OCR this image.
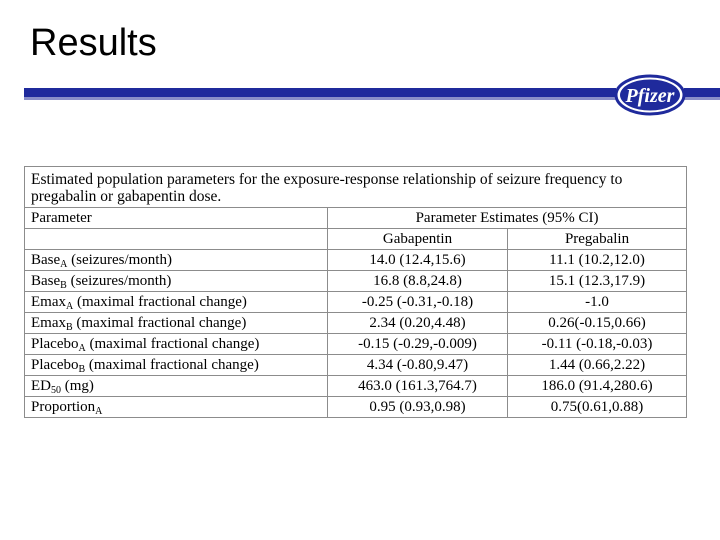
Results
Pfizer
Estimated population parameters for the exposure-response relationship of seizure frequency to pregabalin or gabapentin dose.		
Parameter	Parameter Estimates (95% CI)	
	Gabapentin	Pregabalin
Base$_A$ (seizures/month)	14.0 (12.4,15.6)	11.1 (10.2,12.0)
Base$_B$ (seizures/month)	16.8 (8.8,24.8)	15.1 (12.3,17.9)
Emax$_A$ (maximal fractional change)	-0.25 (-0.31,-0.18)	-1.0
Emax$_B$ (maximal fractional change)	2.34 (0.20,4.48)	0.26(-0.15,0.66)
Placebo$_A$ (maximal fractional change)	-0.15 (-0.29,-0.009)	-0.11 (-0.18,-0.03)
Placebo$_B$ (maximal fractional change)	4.34 (-0.80,9.47)	1.44 (0.66,2.22)
$ED_{50}$ (mg)	463.0 (161.3,764.7)	186.0 (91.4,280.6)
Proportion$_A$	0.95 (0.93,0.98)	0.75(0.61,0.88)
